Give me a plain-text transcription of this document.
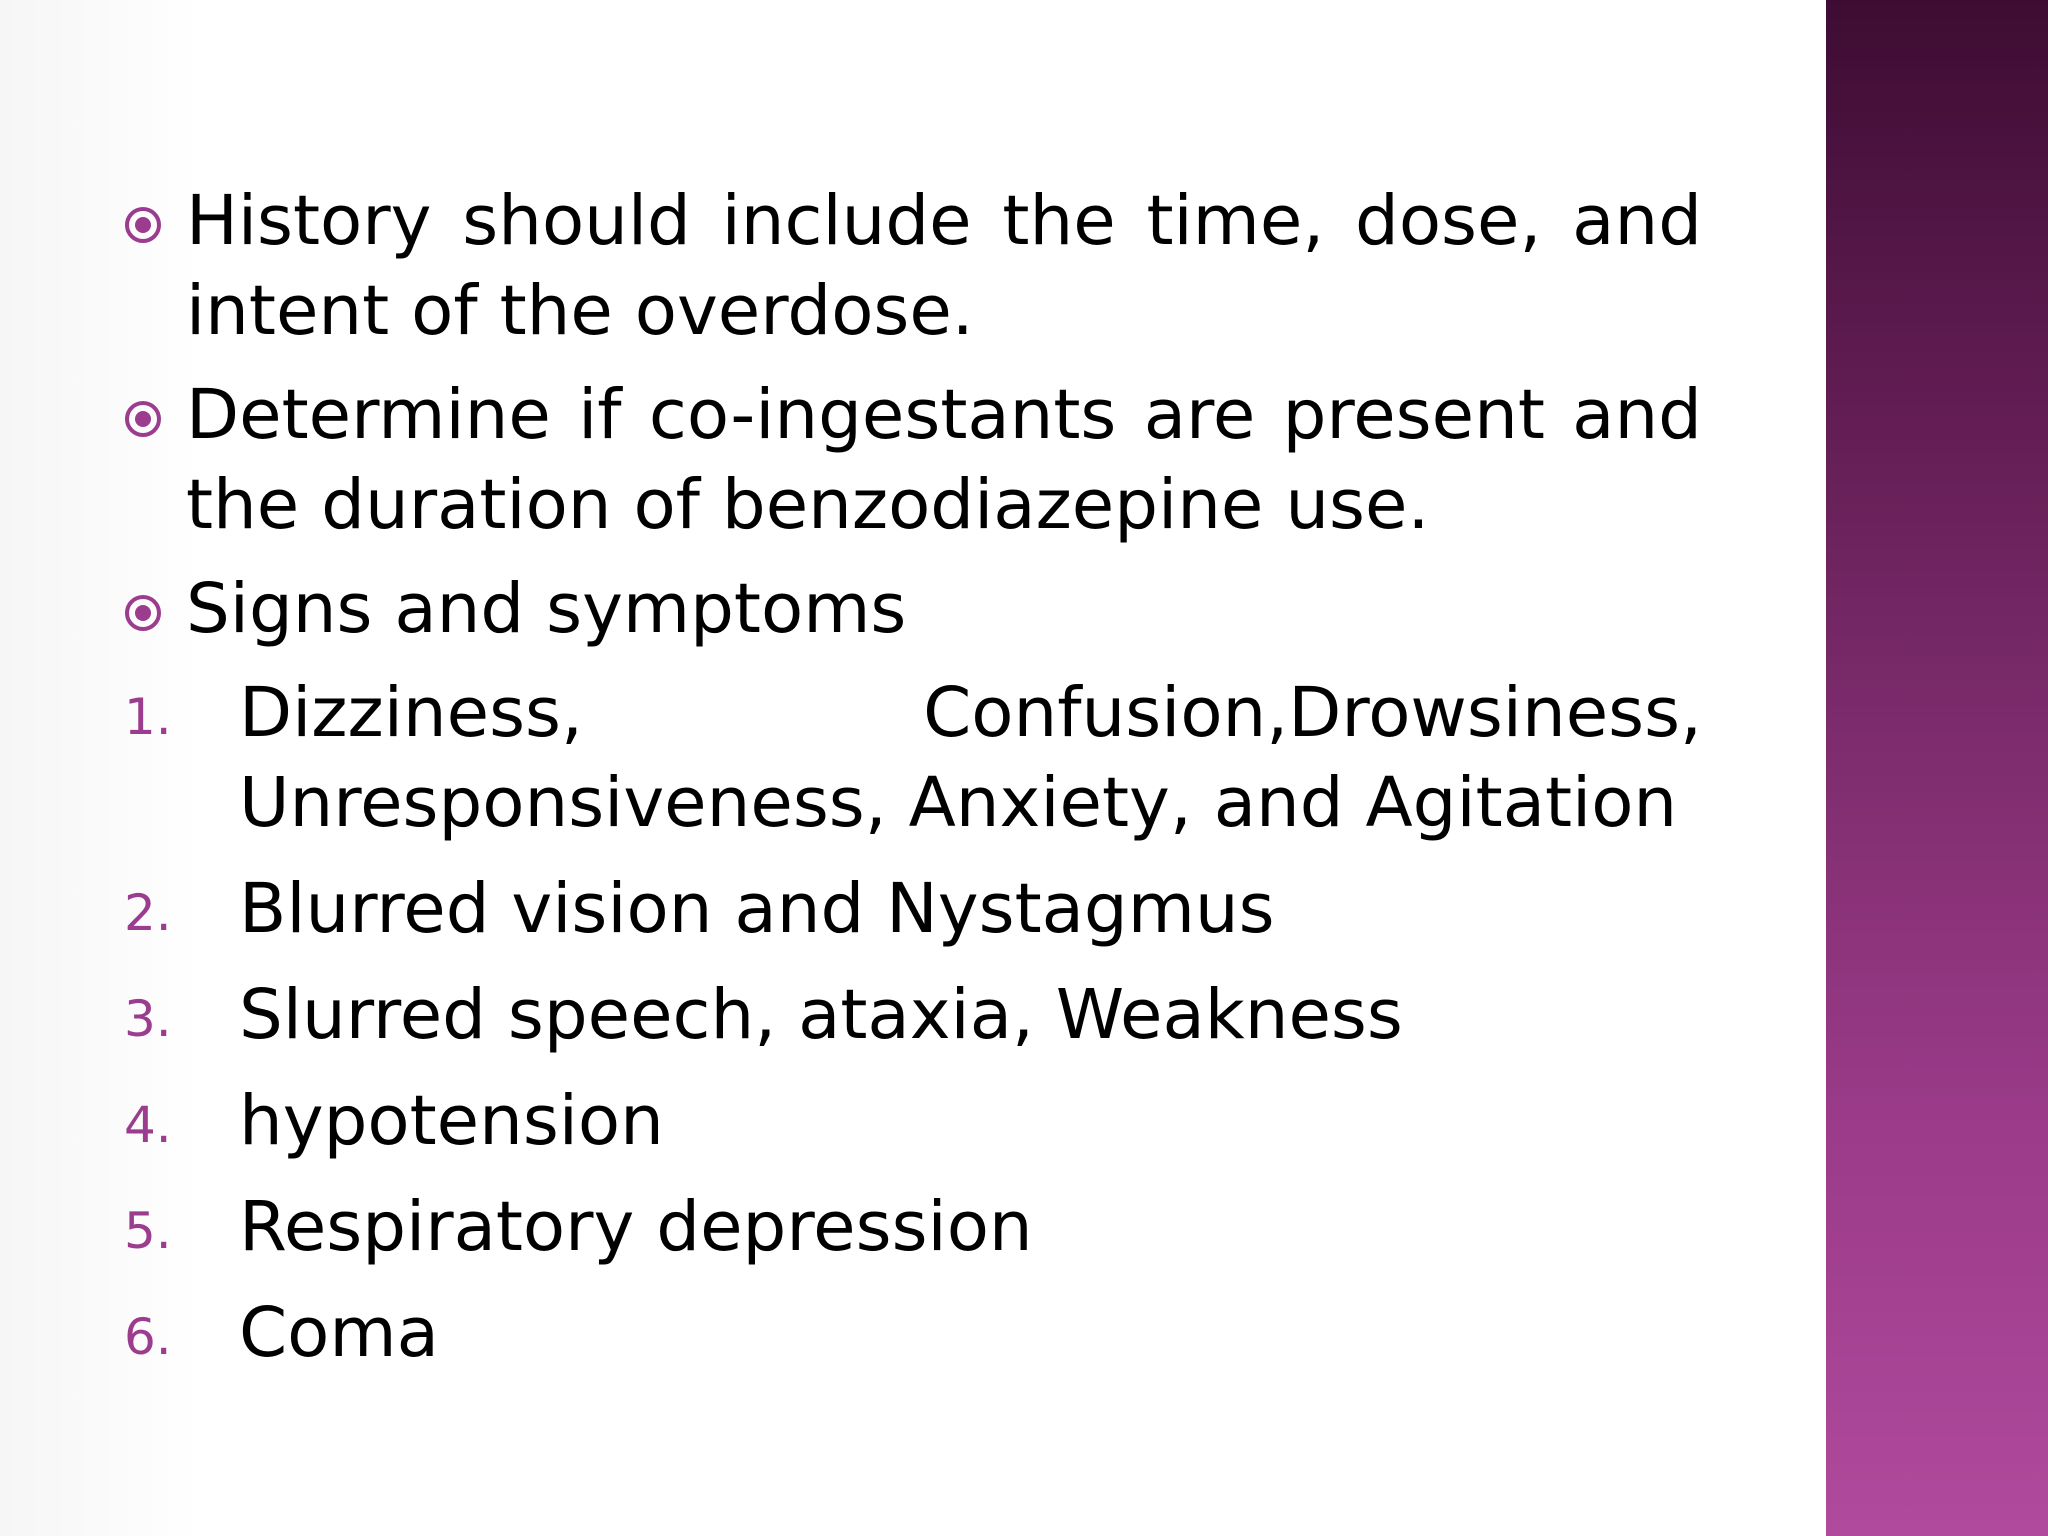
History should include the time, dose, and intent of the overdose.
Determine if co-ingestants are present and the duration of benzodiazepine use.
Signs and symptoms
1. Dizziness, Confusion,Drowsiness,
Unresponsiveness, Anxiety, and Agitation
2. Blurred vision and Nystagmus
3. Slurred speech, ataxia, Weakness
4. hypotension
5. Respiratory depression
6. Coma
